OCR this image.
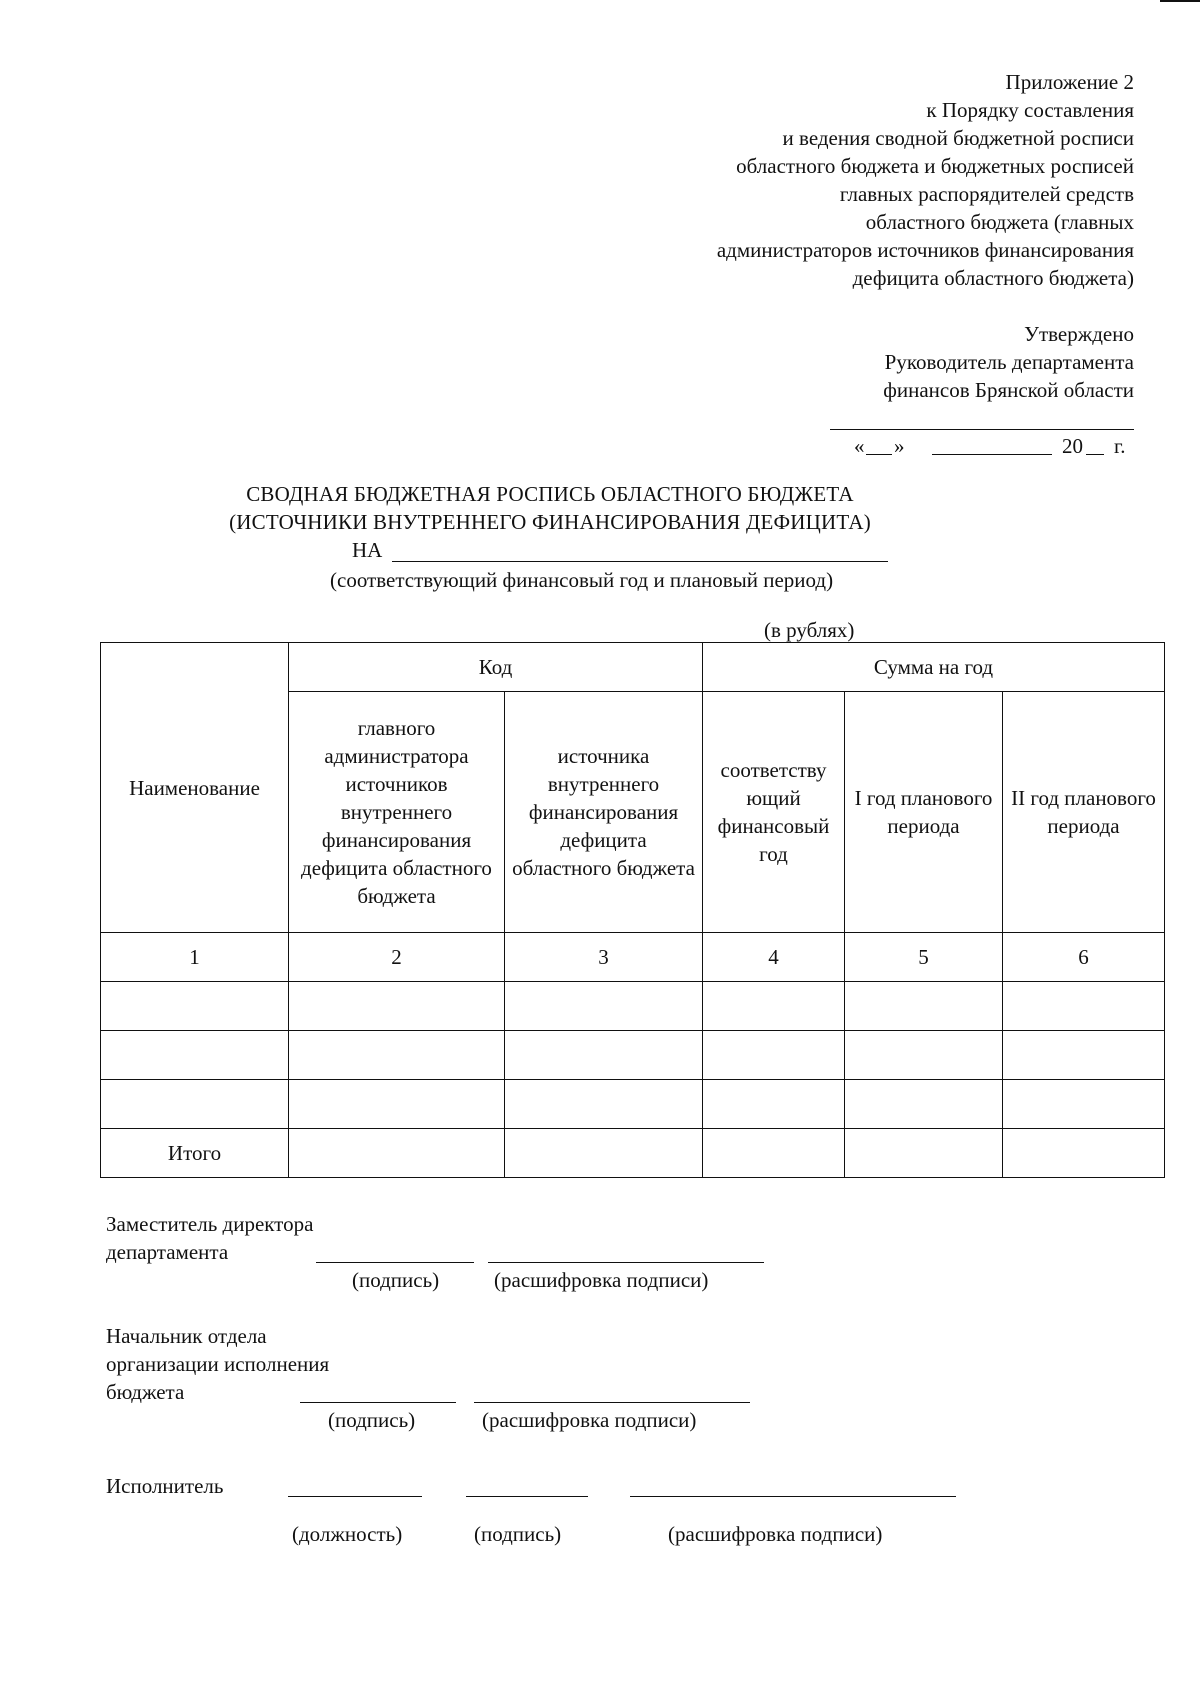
Приложение 2
к Порядку составления
и ведения сводной бюджетной росписи
областного бюджета и бюджетных росписей
главных распорядителей средств
областного бюджета (главных
администраторов источников финансирования
дефицита областного бюджета)
Утверждено
Руководитель департамента
финансов Брянской области
« »	20 г.
СВОДНАЯ БЮДЖЕТНАЯ РОСПИСЬ ОБЛАСТНОГО БЮДЖЕТА
(ИСТОЧНИКИ ВНУТРЕННЕГО ФИНАНСИРОВАНИЯ ДЕФИЦИТА)
НА
(соответствующий финансовый год и плановый период)
(в рублях)
Наименование	Код		Сумма на год		
	главного администратора источников внутреннего финансирования дефицита областного бюджета	источника внутреннего финансирования дефицита областного бюджета	соответству ющий финансовый год	I год планового периода	II год планового периода
1	2	3	4	5	6

Итого					
Заместитель директора
департамента
(подпись)	(расшифровка подписи)
Начальник отдела
организации исполнения
бюджета
(подпись)	(расшифровка подписи)
Исполнитель
(должность)	(подпись)	(расшифровка подписи)
